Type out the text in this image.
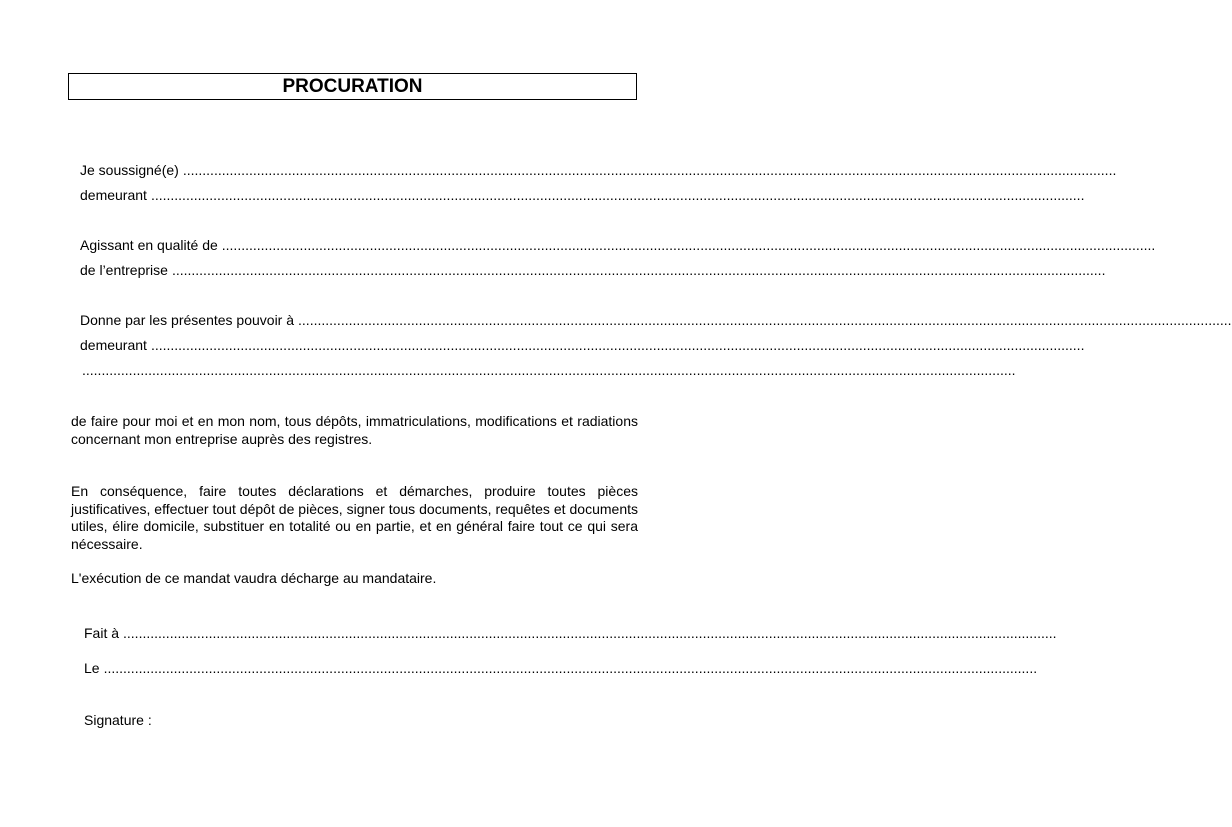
PROCURATION
Je soussigné(e) ................................................................................................................................................................................................................................................
demeurant ................................................................................................................................................................................................................................................
Agissant en qualité de ................................................................................................................................................................................................................................................
de l’entreprise ................................................................................................................................................................................................................................................
Donne par les présentes pouvoir à ................................................................................................................................................................................................................................................
demeurant ................................................................................................................................................................................................................................................
................................................................................................................................................................................................................................................
de faire pour moi et en mon nom, tous dépôts, immatriculations, modifications et radiations concernant mon entreprise auprès des registres.
En conséquence, faire toutes déclarations et démarches, produire toutes pièces justificatives, effectuer tout dépôt de pièces, signer tous documents, requêtes et documents utiles, élire domicile, substituer en totalité ou en partie, et en général faire tout ce qui sera nécessaire.
L'exécution de ce mandat vaudra décharge au mandataire.
Fait à ................................................................................................................................................................................................................................................
Le ................................................................................................................................................................................................................................................
Signature :
